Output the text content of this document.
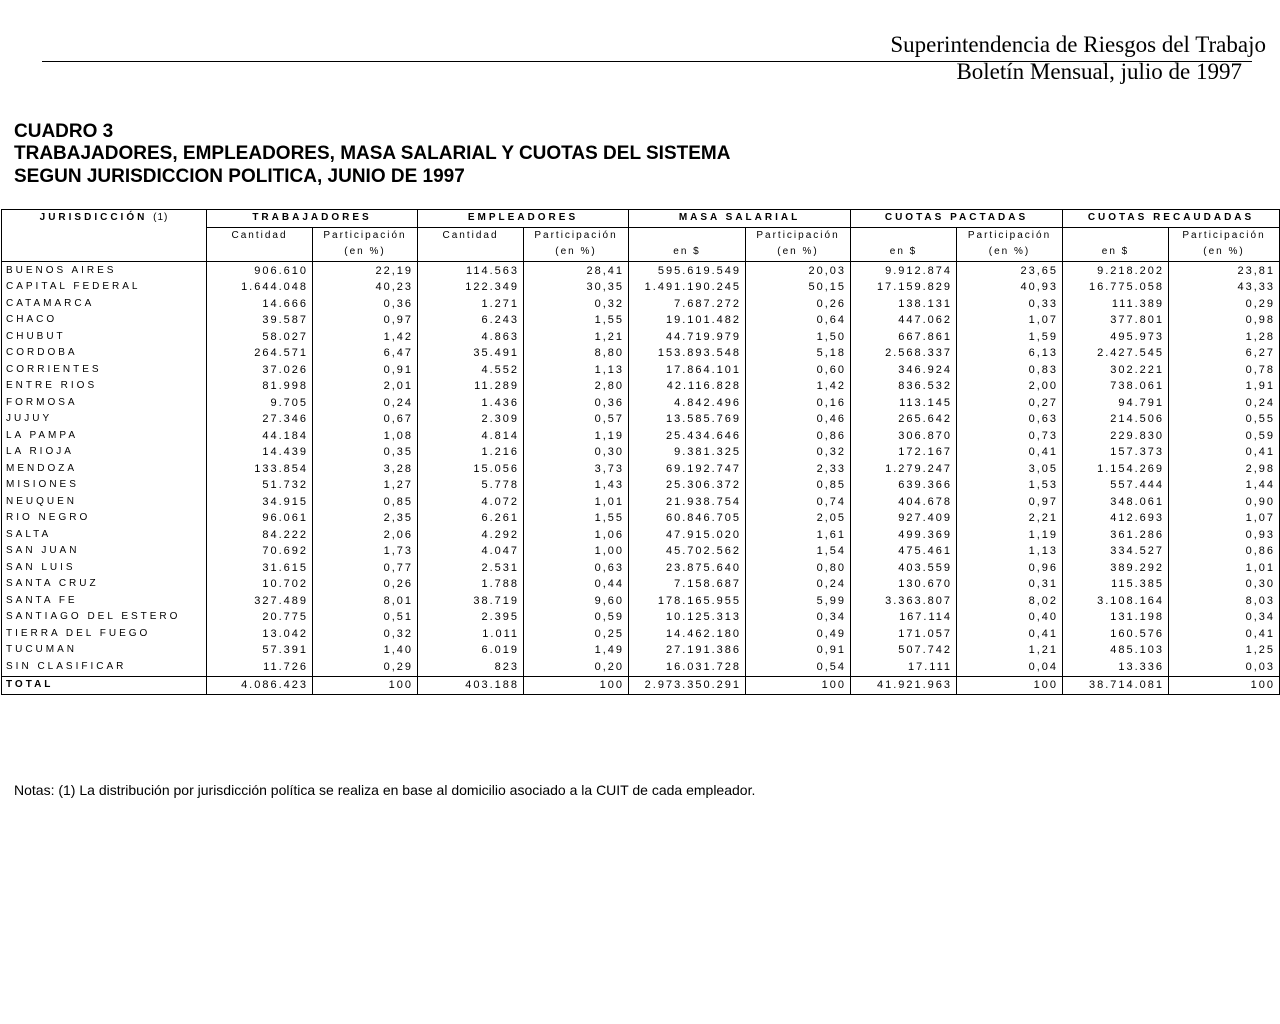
Superintendencia de Riesgos del Trabajo
Boletín Mensual, julio de 1997
CUADRO 3
TRABAJADORES, EMPLEADORES, MASA SALARIAL Y CUOTAS DEL SISTEMA
SEGUN JURISDICCION POLITICA, JUNIO DE 1997
JURISDICCIÓN (1)	TRABAJADORES		EMPLEADORES		MASA SALARIAL		CUOTAS PACTADAS		CUOTAS RECAUDADAS	
	Cantidad	Participación	Cantidad	Participación		Participación		Participación		Participación
		(en %)		(en %)	en $	(en %)	en $	(en %)	en $	(en %)
BUENOS AIRES	906.610	22,19	114.563	28,41	595.619.549	20,03	9.912.874	23,65	9.218.202	23,81
CAPITAL FEDERAL	1.644.048	40,23	122.349	30,35	1.491.190.245	50,15	17.159.829	40,93	16.775.058	43,33
CATAMARCA	14.666	0,36	1.271	0,32	7.687.272	0,26	138.131	0,33	111.389	0,29
CHACO	39.587	0,97	6.243	1,55	19.101.482	0,64	447.062	1,07	377.801	0,98
CHUBUT	58.027	1,42	4.863	1,21	44.719.979	1,50	667.861	1,59	495.973	1,28
CORDOBA	264.571	6,47	35.491	8,80	153.893.548	5,18	2.568.337	6,13	2.427.545	6,27
CORRIENTES	37.026	0,91	4.552	1,13	17.864.101	0,60	346.924	0,83	302.221	0,78
ENTRE RIOS	81.998	2,01	11.289	2,80	42.116.828	1,42	836.532	2,00	738.061	1,91
FORMOSA	9.705	0,24	1.436	0,36	4.842.496	0,16	113.145	0,27	94.791	0,24
JUJUY	27.346	0,67	2.309	0,57	13.585.769	0,46	265.642	0,63	214.506	0,55
LA PAMPA	44.184	1,08	4.814	1,19	25.434.646	0,86	306.870	0,73	229.830	0,59
LA RIOJA	14.439	0,35	1.216	0,30	9.381.325	0,32	172.167	0,41	157.373	0,41
MENDOZA	133.854	3,28	15.056	3,73	69.192.747	2,33	1.279.247	3,05	1.154.269	2,98
MISIONES	51.732	1,27	5.778	1,43	25.306.372	0,85	639.366	1,53	557.444	1,44
NEUQUEN	34.915	0,85	4.072	1,01	21.938.754	0,74	404.678	0,97	348.061	0,90
RIO NEGRO	96.061	2,35	6.261	1,55	60.846.705	2,05	927.409	2,21	412.693	1,07
SALTA	84.222	2,06	4.292	1,06	47.915.020	1,61	499.369	1,19	361.286	0,93
SAN JUAN	70.692	1,73	4.047	1,00	45.702.562	1,54	475.461	1,13	334.527	0,86
SAN LUIS	31.615	0,77	2.531	0,63	23.875.640	0,80	403.559	0,96	389.292	1,01
SANTA CRUZ	10.702	0,26	1.788	0,44	7.158.687	0,24	130.670	0,31	115.385	0,30
SANTA FE	327.489	8,01	38.719	9,60	178.165.955	5,99	3.363.807	8,02	3.108.164	8,03
SANTIAGO DEL ESTERO	20.775	0,51	2.395	0,59	10.125.313	0,34	167.114	0,40	131.198	0,34
TIERRA DEL FUEGO	13.042	0,32	1.011	0,25	14.462.180	0,49	171.057	0,41	160.576	0,41
TUCUMAN	57.391	1,40	6.019	1,49	27.191.386	0,91	507.742	1,21	485.103	1,25
SIN CLASIFICAR	11.726	0,29	823	0,20	16.031.728	0,54	17.111	0,04	13.336	0,03
TOTAL	4.086.423	100	403.188	100	2.973.350.291	100	41.921.963	100	38.714.081	100
Notas: (1) La distribución por jurisdicción política se realiza en base al domicilio asociado a la CUIT de cada empleador.
